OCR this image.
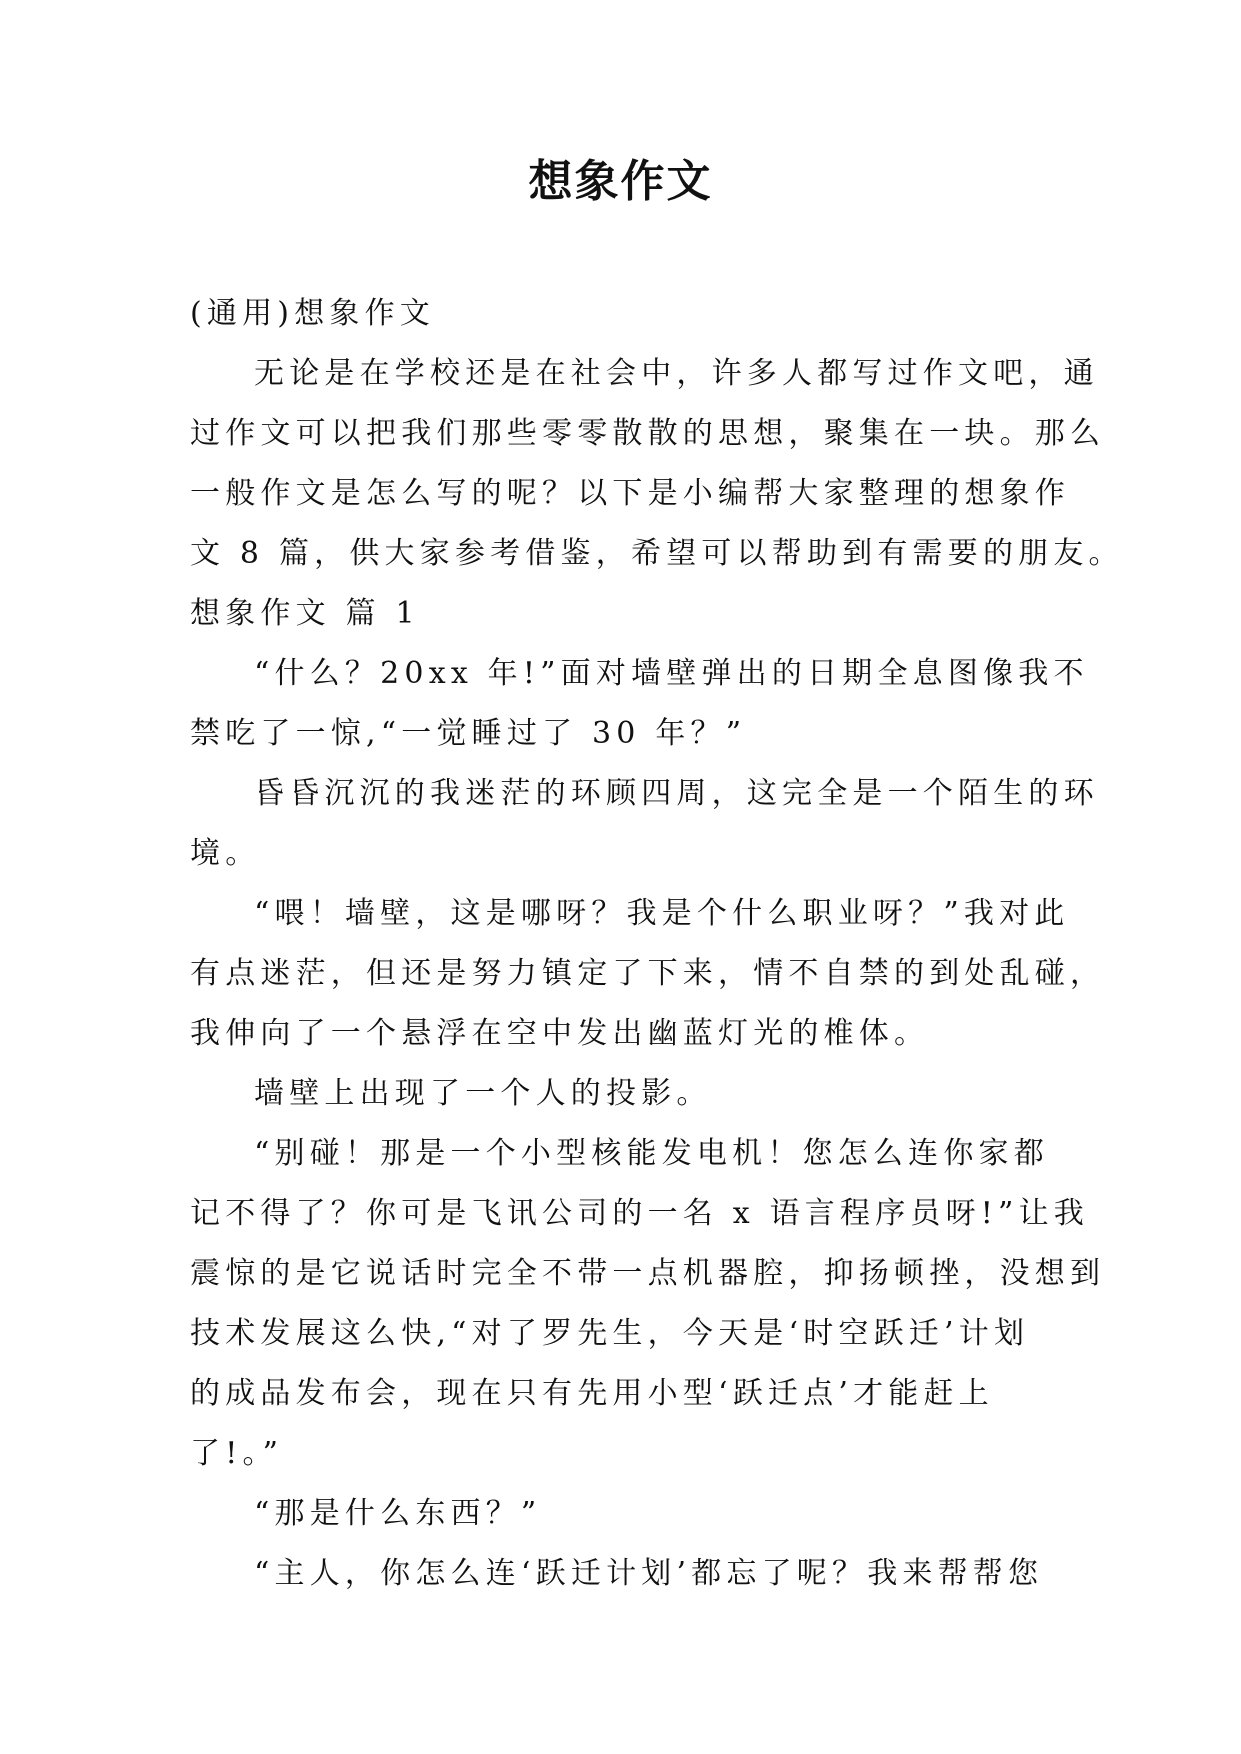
想象作文
(通用)想象作文
无论是在学校还是在社会中，许多人都写过作文吧，通
过作文可以把我们那些零零散散的思想，聚集在一块。那么
一般作文是怎么写的呢？以下是小编帮大家整理的想象作
文 8 篇，供大家参考借鉴，希望可以帮助到有需要的朋友。
想象作文 篇 1
“什么？20xx 年!”面对墙壁弹出的日期全息图像我不
禁吃了一惊,“一觉睡过了 30 年？”
昏昏沉沉的我迷茫的环顾四周，这完全是一个陌生的环
境。
“喂！墙壁，这是哪呀？我是个什么职业呀？”我对此
有点迷茫，但还是努力镇定了下来，情不自禁的到处乱碰，
我伸向了一个悬浮在空中发出幽蓝灯光的椎体。
墙壁上出现了一个人的投影。
“别碰！那是一个小型核能发电机！您怎么连你家都
记不得了？你可是飞讯公司的一名 x 语言程序员呀!”让我
震惊的是它说话时完全不带一点机器腔，抑扬顿挫，没想到
技术发展这么快,“对了罗先生，今天是‘时空跃迁’计划
的成品发布会，现在只有先用小型‘跃迁点’才能赶上
了!。”
“那是什么东西？”
“主人，你怎么连‘跃迁计划’都忘了呢？我来帮帮您
